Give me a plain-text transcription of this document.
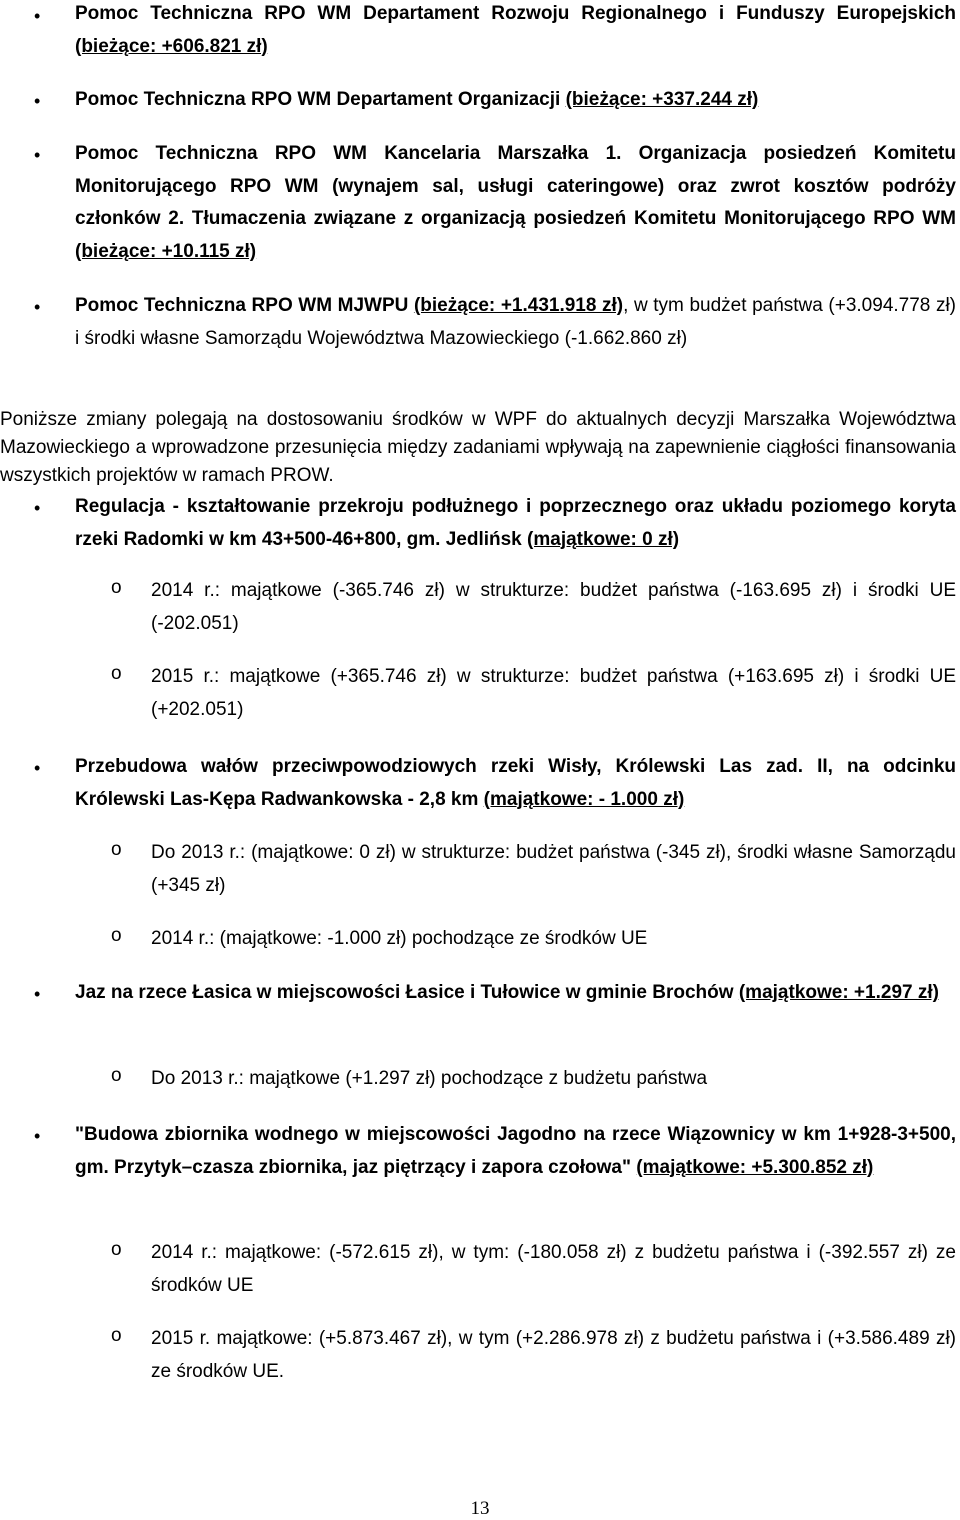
• Pomoc Techniczna RPO WM Departament Rozwoju Regionalnego i Funduszy Europejskich (bieżące: +606.821 zł)
• Pomoc Techniczna RPO WM Departament Organizacji (bieżące: +337.244 zł)
• Pomoc Techniczna RPO WM Kancelaria Marszałka 1. Organizacja posiedzeń Komitetu Monitorującego RPO WM (wynajem sal, usługi cateringowe) oraz zwrot kosztów podróży członków 2. Tłumaczenia związane z organizacją posiedzeń Komitetu Monitorującego RPO WM (bieżące: +10.115 zł)
• Pomoc Techniczna RPO WM MJWPU (bieżące: +1.431.918 zł), w tym budżet państwa (+3.094.778 zł) i środki własne Samorządu Województwa Mazowieckiego (-1.662.860 zł)
Poniższe zmiany polegają na dostosowaniu środków w WPF do aktualnych decyzji Marszałka Województwa Mazowieckiego a wprowadzone przesunięcia między zadaniami wpływają na zapewnienie ciągłości finansowania wszystkich projektów w ramach PROW.
• Regulacja - kształtowanie przekroju podłużnego i poprzecznego oraz układu poziomego koryta rzeki Radomki w km 43+500-46+800, gm. Jedlińsk (majątkowe: 0 zł)
o 2014 r.: majątkowe (-365.746 zł) w strukturze: budżet państwa (-163.695 zł) i środki UE (-202.051)
o 2015 r.: majątkowe (+365.746 zł) w strukturze: budżet państwa (+163.695 zł) i środki UE (+202.051)
• Przebudowa wałów przeciwpowodziowych rzeki Wisły, Królewski Las zad. II, na odcinku Królewski Las-Kępa Radwankowska - 2,8 km (majątkowe: - 1.000 zł)
o Do 2013 r.: (majątkowe: 0 zł) w strukturze: budżet państwa (-345 zł), środki własne Samorządu (+345 zł)
o 2014 r.: (majątkowe: -1.000 zł) pochodzące ze środków UE
• Jaz na rzece Łasica w miejscowości Łasice i Tułowice w gminie Brochów (majątkowe: +1.297 zł)
o Do 2013 r.: majątkowe (+1.297 zł) pochodzące z budżetu państwa
• "Budowa zbiornika wodnego w miejscowości Jagodno na rzece Wiązownicy w km 1+928-3+500, gm. Przytyk–czasza zbiornika, jaz piętrzący i zapora czołowa" (majątkowe: +5.300.852 zł)
o 2014 r.: majątkowe: (-572.615 zł), w tym: (-180.058 zł) z budżetu państwa i (-392.557 zł) ze środków UE
o 2015 r. majątkowe: (+5.873.467 zł), w tym (+2.286.978 zł) z budżetu państwa i (+3.586.489 zł) ze środków UE.
13
